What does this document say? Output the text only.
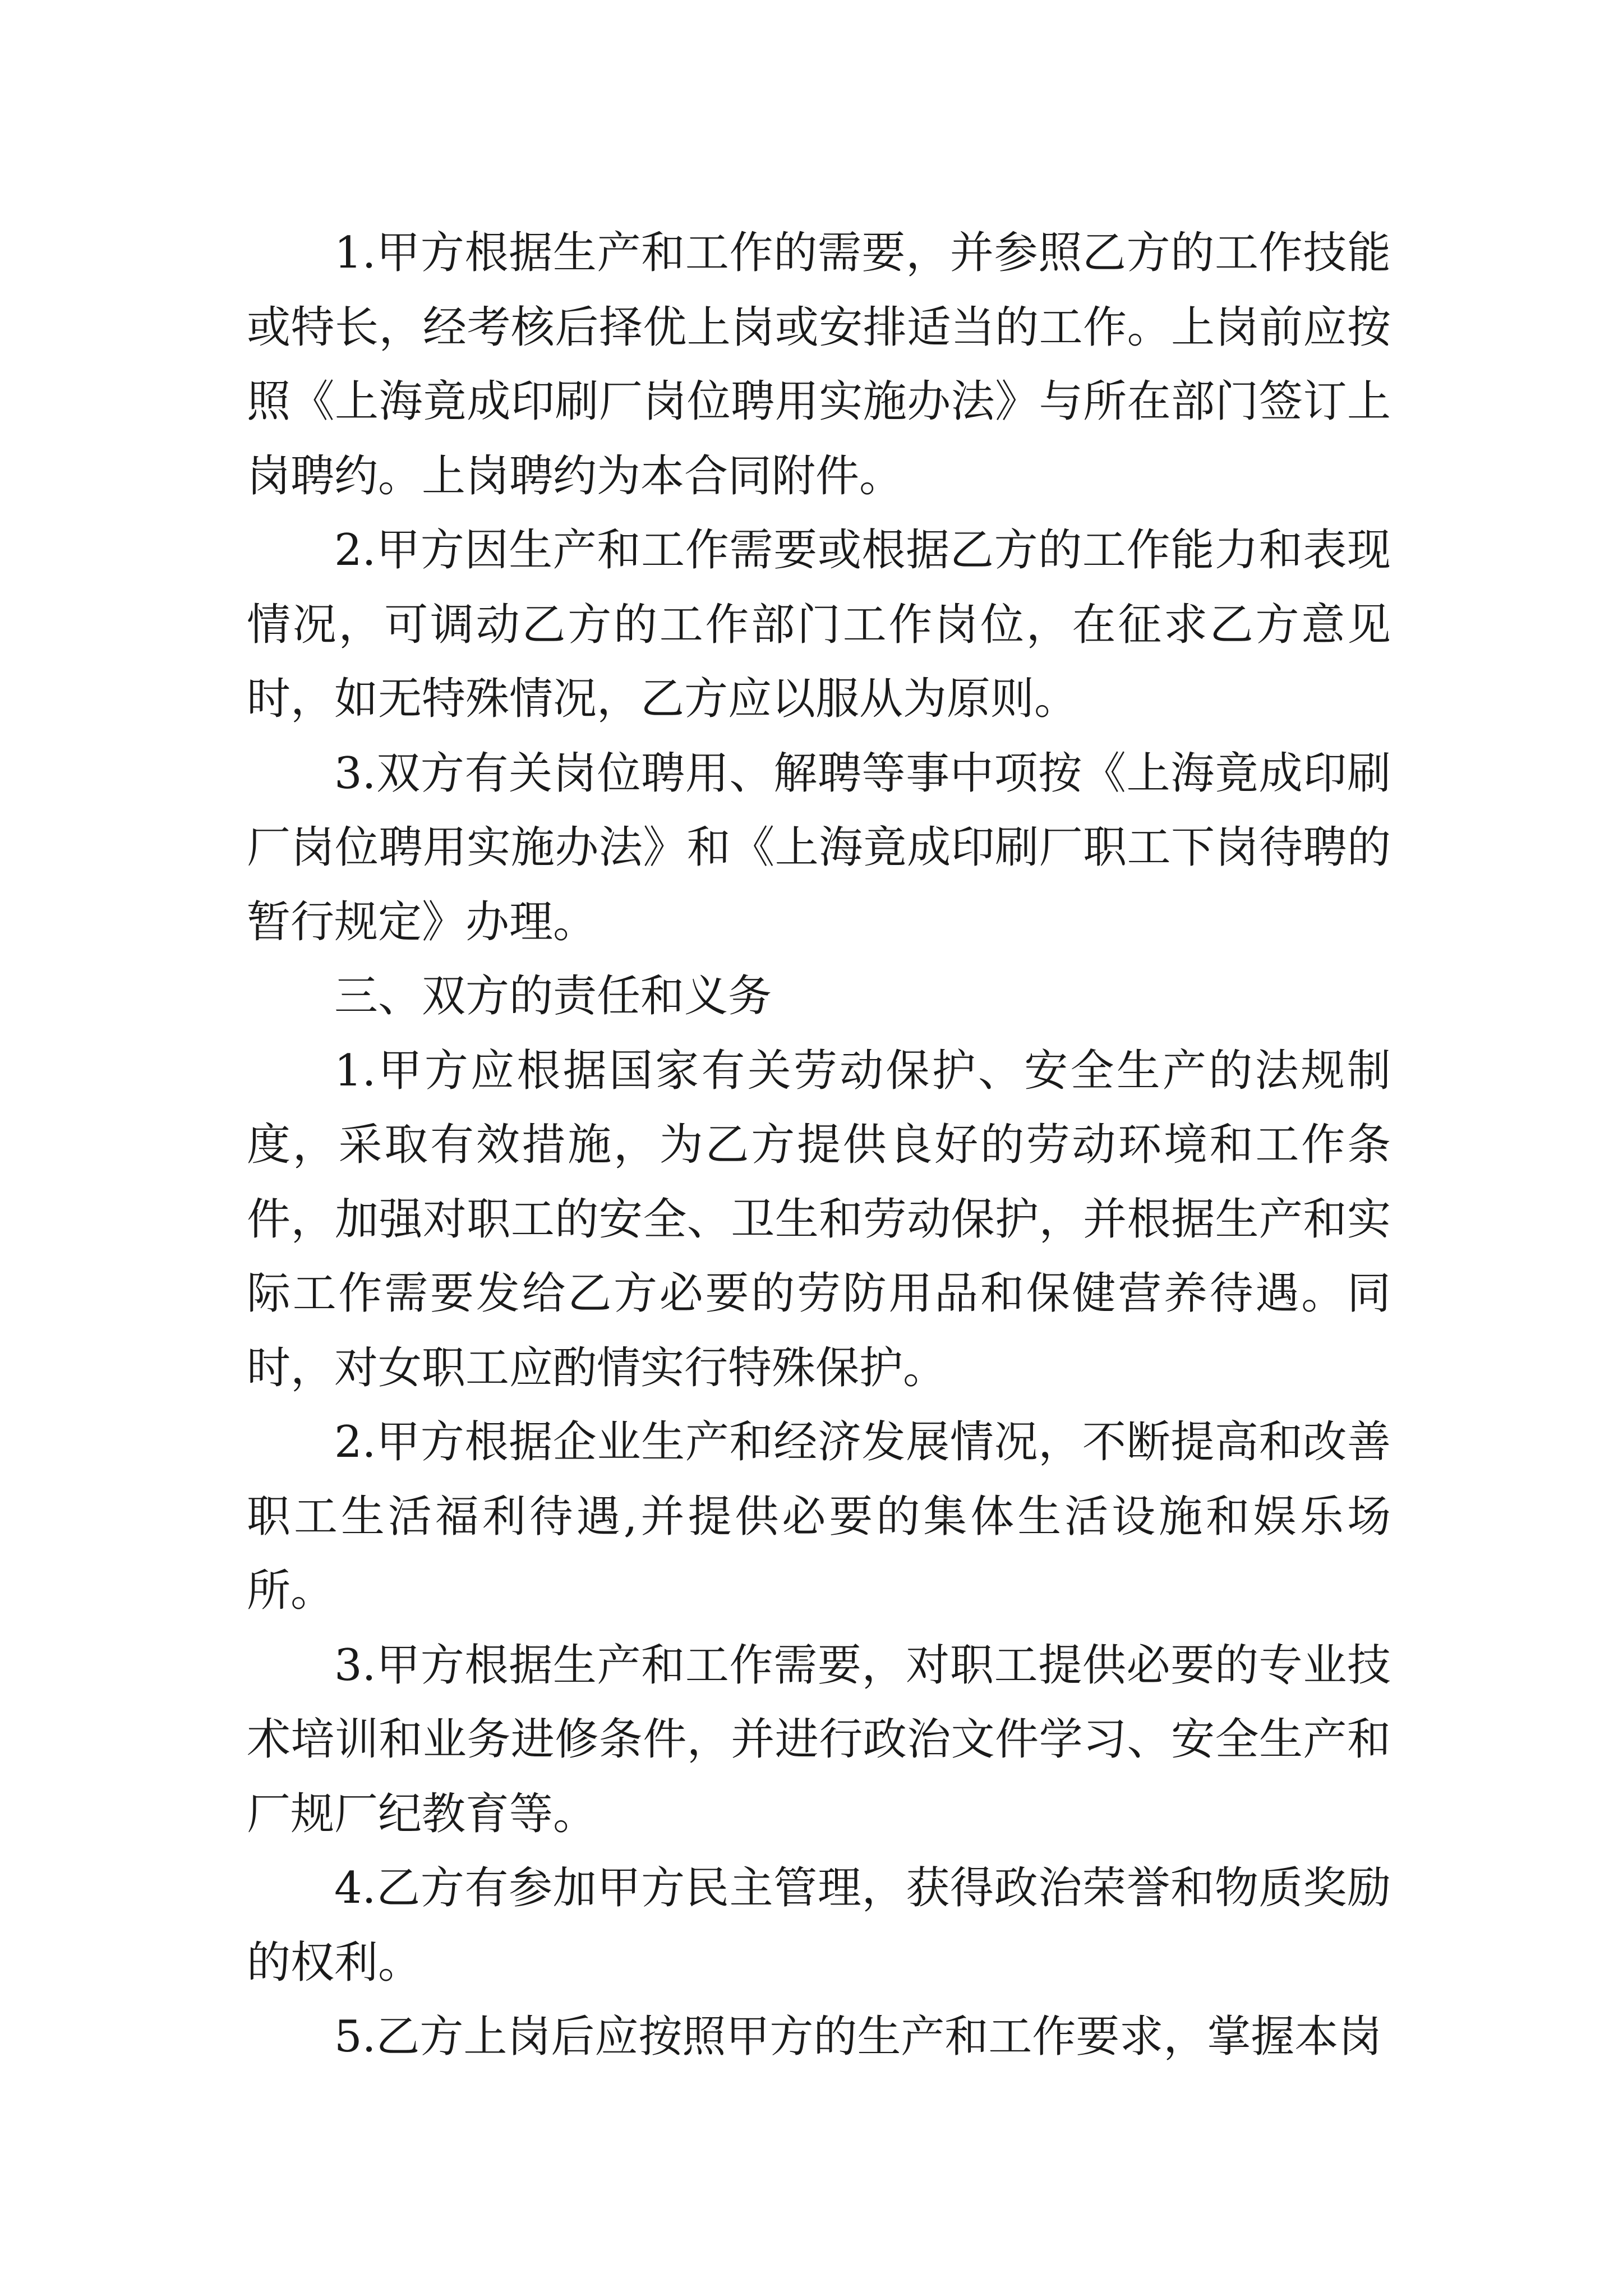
1.甲方根据生产和工作的需要，并参照乙方的工作技能或特长，经考核后择优上岗或安排适当的工作。上岗前应按照《上海竟成印刷厂岗位聘用实施办法》与所在部门签订上岗聘约。上岗聘约为本合同附件。

2.甲方因生产和工作需要或根据乙方的工作能力和表现情况，可调动乙方的工作部门工作岗位，在征求乙方意见时，如无特殊情况，乙方应以服从为原则。

3.双方有关岗位聘用、解聘等事中项按《上海竟成印刷厂岗位聘用实施办法》和《上海竟成印刷厂职工下岗待聘的暂行规定》办理。

三、双方的责任和义务

1.甲方应根据国家有关劳动保护、安全生产的法规制度，采取有效措施，为乙方提供良好的劳动环境和工作条件，加强对职工的安全、卫生和劳动保护，并根据生产和实际工作需要发给乙方必要的劳防用品和保健营养待遇。同时，对女职工应酌情实行特殊保护。

2.甲方根据企业生产和经济发展情况，不断提高和改善职工生活福利待遇,并提供必要的集体生活设施和娱乐场所。

3.甲方根据生产和工作需要，对职工提供必要的专业技术培训和业务进修条件，并进行政治文件学习、安全生产和厂规厂纪教育等。

4.乙方有参加甲方民主管理，获得政治荣誉和物质奖励的权利。

5.乙方上岗后应按照甲方的生产和工作要求，掌握本岗
